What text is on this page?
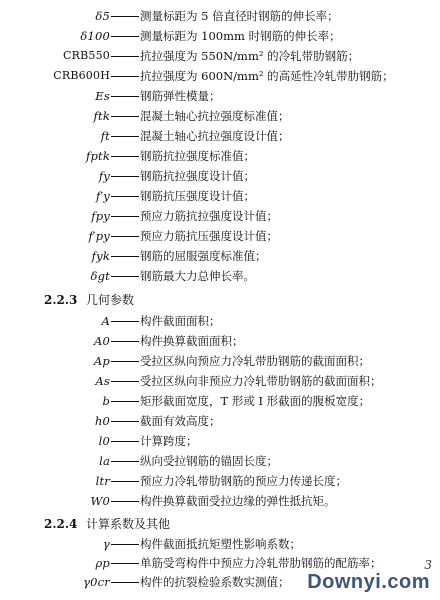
δ5	测量标距为 5 倍直径时钢筋的伸长率；
δ100	测量标距为 100mm 时钢筋的伸长率；
CRB550	抗拉强度为 550N/mm² 的冷轧带肋钢筋；
CRB600H	抗拉强度为 600N/mm² 的高延性冷轧带肋钢筋；
Es	钢筋弹性模量；
ftk	混凝土轴心抗拉强度标准值；
ft	混凝土轴心抗拉强度设计值；
fptk	钢筋抗拉强度标准值；
fy	钢筋抗拉强度设计值；
f′y	钢筋抗压强度设计值；
fpy	预应力筋抗拉强度设计值；
f′py	预应力筋抗压强度设计值；
fyk	钢筋的屈服强度标准值；
δgt	钢筋最大力总伸长率。
2.2.3 几何参数
A	构件截面面积；
A0	构件换算截面面积；
Ap	受拉区纵向预应力冷轧带肋钢筋的截面面积；
As	受拉区纵向非预应力冷轧带肋钢筋的截面面积；
b	矩形截面宽度，T 形或 I 形截面的腹板宽度；
h0	截面有效高度；
l0	计算跨度；
la	纵向受拉钢筋的锚固长度；
ltr	预应力冷轧带肋钢筋的预应力传递长度；
W0	构件换算截面受拉边缘的弹性抵抗矩。
2.2.4 计算系数及其他
γ	构件截面抵抗矩塑性影响系数；
ρp	单筋受弯构件中预应力冷轧带肋钢筋的配筋率；
γ0cr	构件的抗裂检验系数实测值； Downyi.com
3
